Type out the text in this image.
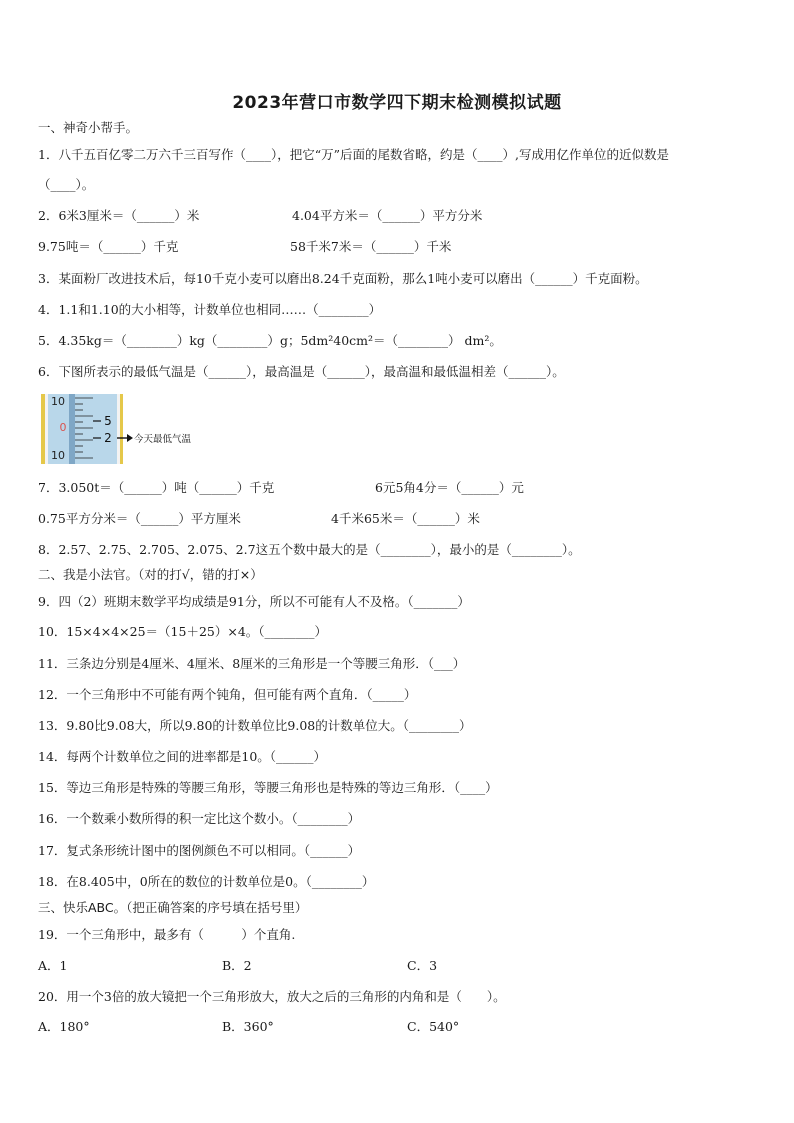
2023年营口市数学四下期末检测模拟试题
一、神奇小帮手。
1．八千五百亿零二万六千三百写作（____），把它“万”后面的尾数省略，约是（____）,写成用亿作单位的近似数是
（____）。
2．6米3厘米＝（______）米	4.04平方米＝（______）平方分米
9.75吨＝（______）千克	58千米7米＝（______）千米
3．某面粉厂改进技术后，每10千克小麦可以磨出8.24千克面粉，那么1吨小麦可以磨出（______）千克面粉。
4．1.1和1.10的大小相等，计数单位也相同……（________）
5．4.35kg＝（________）kg（________）g；5dm²40cm²＝（________） dm²。
6．下图所表示的最低气温是（______），最高温是（______），最高温和最低温相差（______）。
10
0
10
5
2 今天最低气温
7．3.050t＝（______）吨（______）千克	6元5角4分＝（______）元
0.75平方分米＝（______）平方厘米	4千米65米＝（______）米
8．2.57、2.75、2.705、2.075、2.7这五个数中最大的是（________），最小的是（________）。
二、我是小法官。（对的打√，错的打×）
9．四（2）班期末数学平均成绩是91分，所以不可能有人不及格。（_______）
10．15×4×4×25＝（15＋25）×4。（________）
11．三条边分别是4厘米、4厘米、8厘米的三角形是一个等腰三角形．（___）
12．一个三角形中不可能有两个钝角，但可能有两个直角．（_____）
13．9.80比9.08大，所以9.80的计数单位比9.08的计数单位大。（________）
14．每两个计数单位之间的进率都是10。（______）
15．等边三角形是特殊的等腰三角形，等腰三角形也是特殊的等边三角形．（____）
16．一个数乘小数所得的积一定比这个数小。（________）
17．复式条形统计图中的图例颜色不可以相同。（______）
18．在8.405中，0所在的数位的计数单位是0。（________）
三、快乐ABC。（把正确答案的序号填在括号里）
19．一个三角形中，最多有（　　　）个直角.
A．1	B．2	C．3
20．用一个3倍的放大镜把一个三角形放大，放大之后的三角形的内角和是（　　）。
A．180°	B．360°	C．540°
